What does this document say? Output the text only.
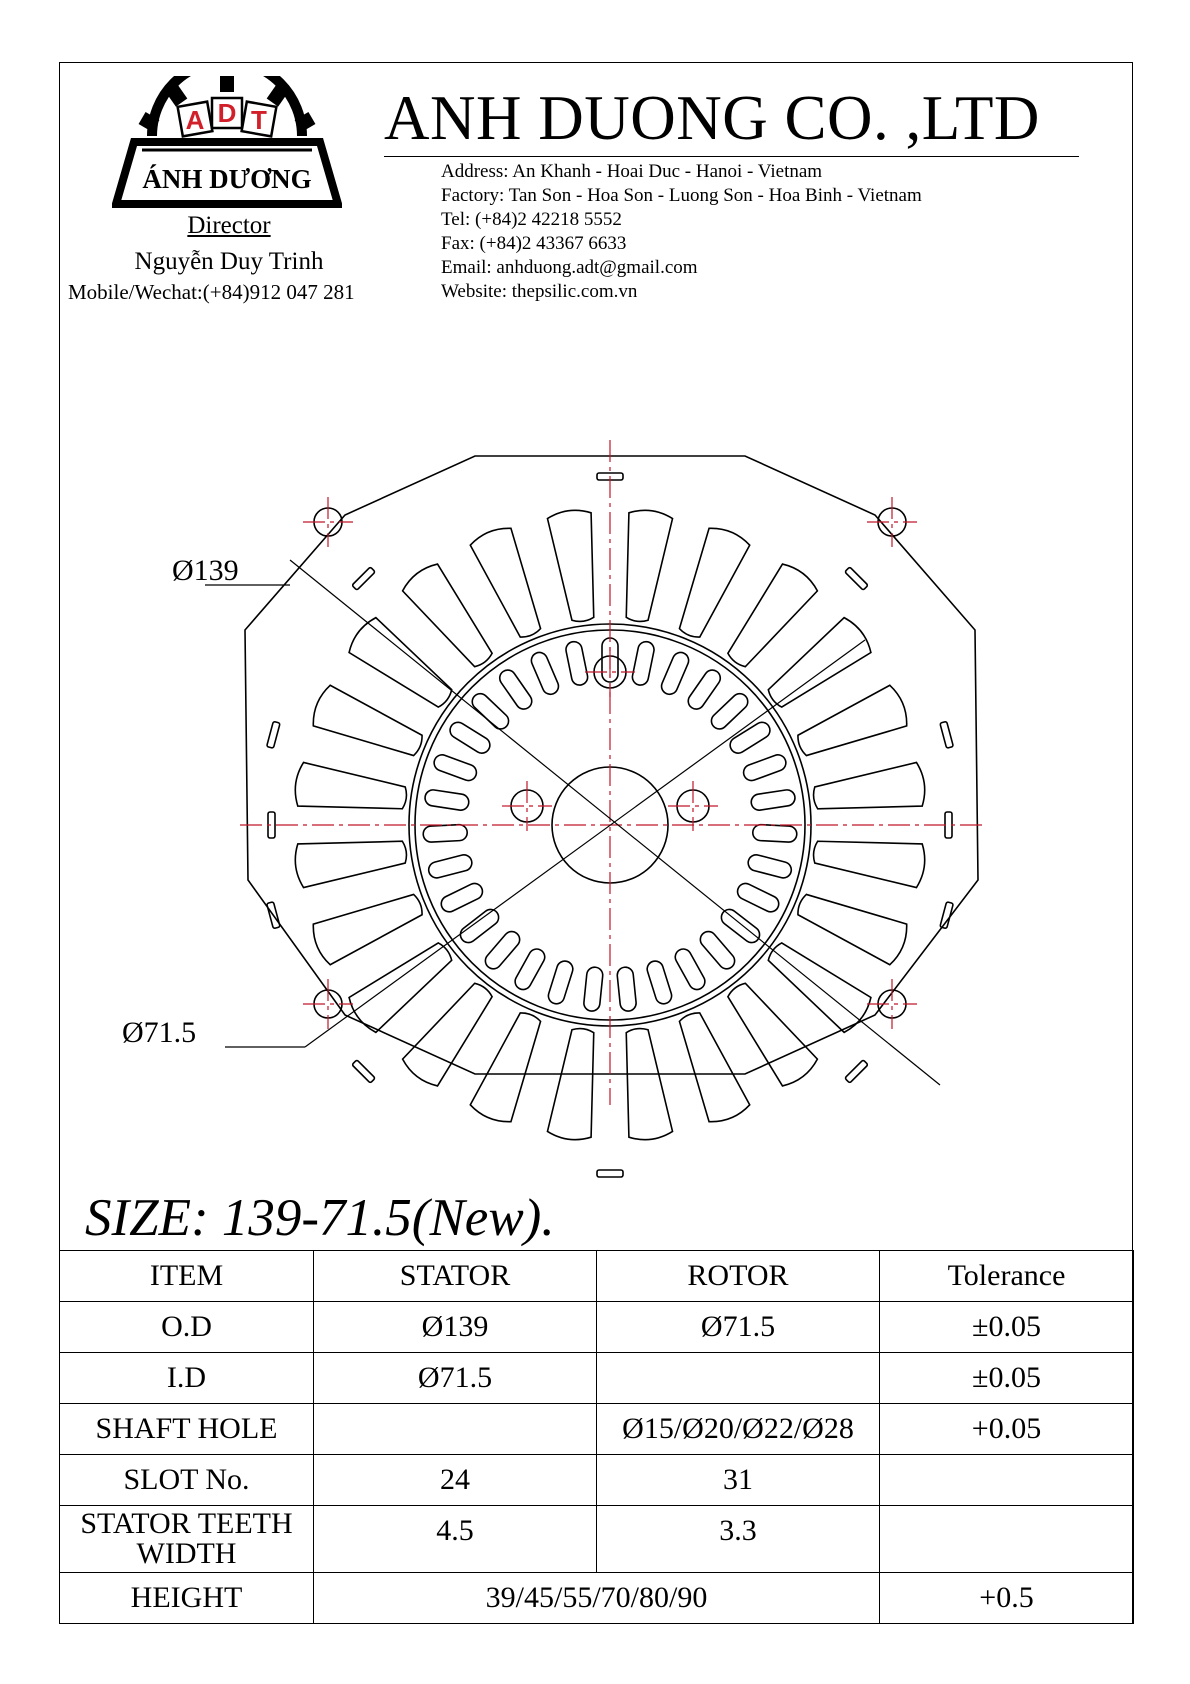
A D T
ÁNH DƯƠNG
Director
Nguyễn Duy Trinh
Mobile/Wechat:(+84)912 047 281
ANH DUONG CO. ,LTD
Address: An Khanh - Hoai Duc - Hanoi - Vietnam
Factory: Tan Son - Hoa Son - Luong Son - Hoa Binh - Vietnam
Tel: (+84)2 42218 5552
Fax: (+84)2 43367 6633
Email: anhduong.adt@gmail.com
Website: thepsilic.com.vn
Ø139
Ø71.5
SIZE: 139-71.5(New).
ITEM	STATOR	ROTOR	Tolerance
O.D	Ø139	Ø71.5	±0.05
I.D	Ø71.5		±0.05
SHAFT HOLE		Ø15/Ø20/Ø22/Ø28	+0.05
SLOT No.	24	31	
STATOR TEETH WIDTH	4.5	3.3	
HEIGHT	39/45/55/70/80/90		+0.5
